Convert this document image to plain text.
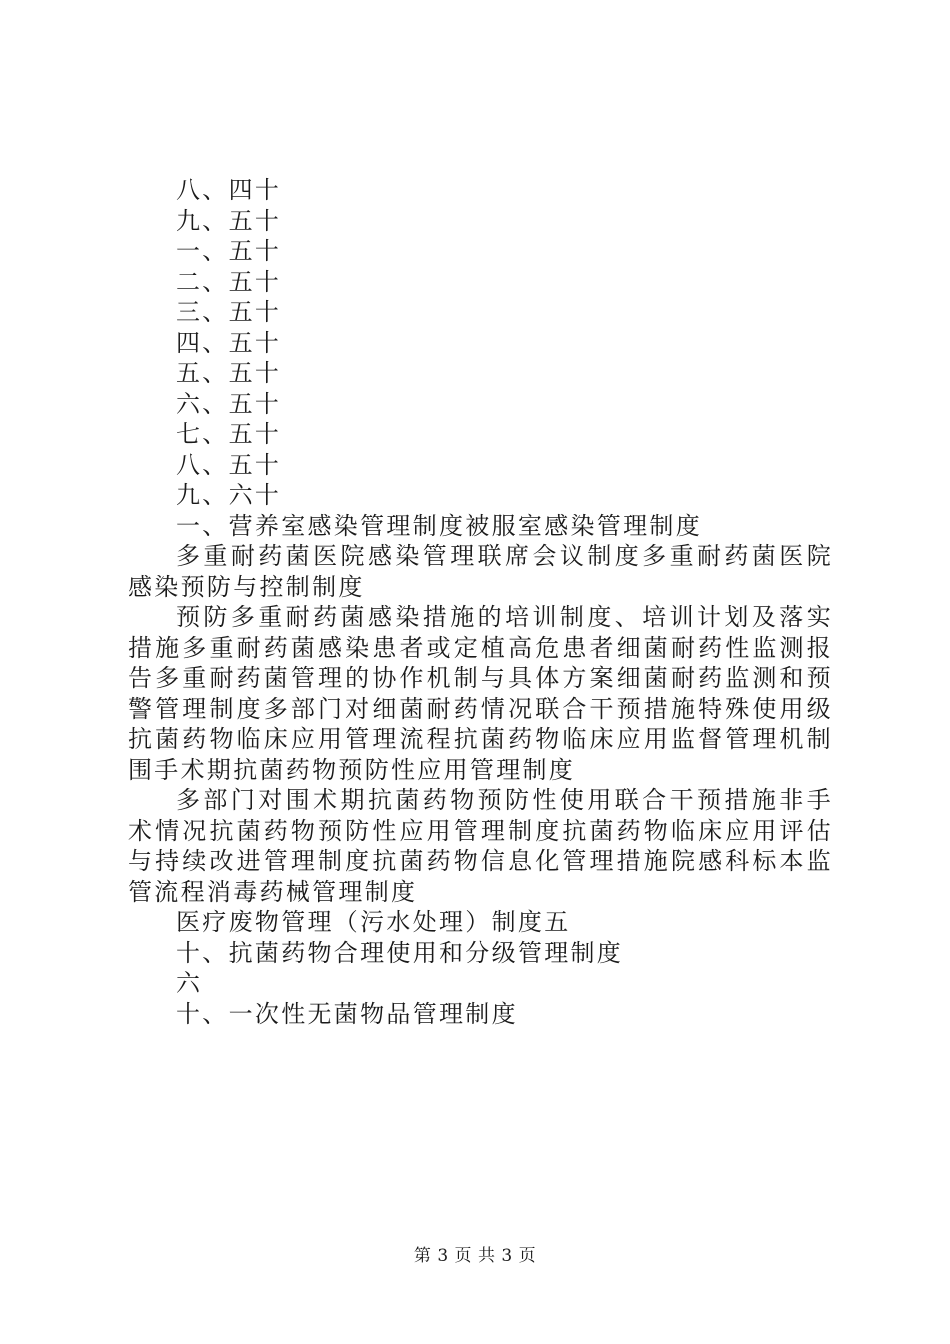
八、四十
九、五十
一、五十
二、五十
三、五十
四、五十
五、五十
六、五十
七、五十
八、五十
九、六十
一、营养室感染管理制度被服室感染管理制度

多重耐药菌医院感染管理联席会议制度多重耐药菌医院感染预防与控制制度

预防多重耐药菌感染措施的培训制度、培训计划及落实措施多重耐药菌感染患者或定植高危患者细菌耐药性监测报告多重耐药菌管理的协作机制与具体方案细菌耐药监测和预警管理制度多部门对细菌耐药情况联合干预措施特殊使用级抗菌药物临床应用管理流程抗菌药物临床应用监督管理机制围手术期抗菌药物预防性应用管理制度

多部门对围术期抗菌药物预防性使用联合干预措施非手术情况抗菌药物预防性应用管理制度抗菌药物临床应用评估与持续改进管理制度抗菌药物信息化管理措施院感科标本监管流程消毒药械管理制度

医疗废物管理（污水处理）制度五
十、抗菌药物合理使用和分级管理制度
六
十、一次性无菌物品管理制度
第 3 页 共 3 页
